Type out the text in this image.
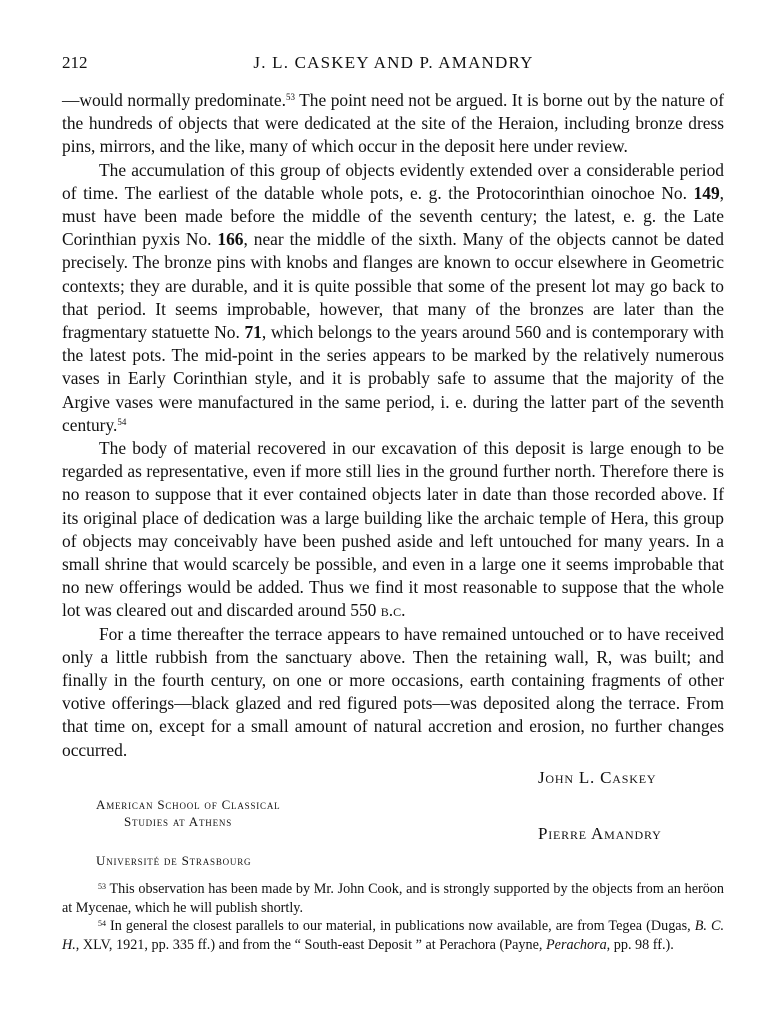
212	J. L. CASKEY AND P. AMANDRY

—would normally predominate.$^{53}$ The point need not be argued. It is borne out by the nature of the hundreds of objects that were dedicated at the site of the Heraion, including bronze dress pins, mirrors, and the like, many of which occur in the deposit here under review.

The accumulation of this group of objects evidently extended over a considerable period of time. The earliest of the datable whole pots, e. g. the Protocorinthian oinochoe No. 149, must have been made before the middle of the seventh century; the latest, e. g. the Late Corinthian pyxis No. 166, near the middle of the sixth. Many of the objects cannot be dated precisely. The bronze pins with knobs and flanges are known to occur elsewhere in Geometric contexts; they are durable, and it is quite possible that some of the present lot may go back to that period. It seems improbable, however, that many of the bronzes are later than the fragmentary statuette No. 71, which belongs to the years around 560 and is contemporary with the latest pots. The mid-point in the series appears to be marked by the relatively numerous vases in Early Corinthian style, and it is probably safe to assume that the majority of the Argive vases were manufactured in the same period, i. e. during the latter part of the seventh century.$^{54}$

The body of material recovered in our excavation of this deposit is large enough to be regarded as representative, even if more still lies in the ground further north. Therefore there is no reason to suppose that it ever contained objects later in date than those recorded above. If its original place of dedication was a large building like the archaic temple of Hera, this group of objects may conceivably have been pushed aside and left untouched for many years. In a small shrine that would scarcely be possible, and even in a large one it seems improbable that no new offerings would be added. Thus we find it most reasonable to suppose that the whole lot was cleared out and discarded around 550 b.c.

For a time thereafter the terrace appears to have remained untouched or to have received only a little rubbish from the sanctuary above. Then the retaining wall, R, was built; and finally in the fourth century, on one or more occasions, earth containing fragments of other votive offerings—black glazed and red figured pots—was deposited along the terrace. From that time on, except for a small amount of natural accretion and erosion, no further changes occurred.

John L. Caskey
American School of Classical
Studies at Athens
Pierre Amandry
Université de Strasbourg

$^{53}$ This observation has been made by Mr. John Cook, and is strongly supported by the objects from an heröon at Mycenae, which he will publish shortly.

$^{54}$ In general the closest parallels to our material, in publications now available, are from Tegea (Dugas, B. C. H., XLV, 1921, pp. 335 ff.) and from the “ South-east Deposit ” at Perachora (Payne, Perachora, pp. 98 ff.).
